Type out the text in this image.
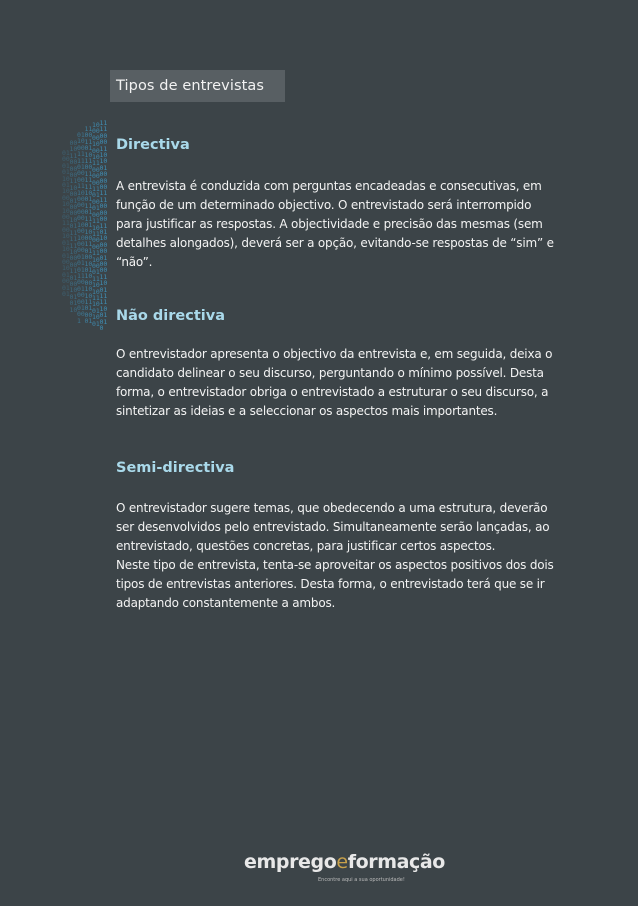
Tipos de entrevistas
0100010110011000101000110010011001001001000101
001011000000111000010000100111111110000011010010010110
01100011110100001110000000001000100000010101110001000001001
11001101101100111111100111011101100011010010011000101011010001
1000001000101100000011010001001110110000111000011110101110011001
11110000111010010000001111000000110110000001000011100111111001010
Directiva

A entrevista é conduzida com perguntas encadeadas e consecutivas, em
função de um determinado objectivo. O entrevistado será interrompido
para justificar as respostas. A objectividade e precisão das mesmas (sem
detalhes alongados), deverá ser a opção, evitando-se respostas de “sim” e
“não”.

Não directiva

O entrevistador apresenta o objectivo da entrevista e, em seguida, deixa o
candidato delinear o seu discurso, perguntando o mínimo possível. Desta
forma, o entrevistador obriga o entrevistado a estruturar o seu discurso, a
sintetizar as ideias e a seleccionar os aspectos mais importantes.

Semi-directiva

O entrevistador sugere temas, que obedecendo a uma estrutura, deverão
ser desenvolvidos pelo entrevistado. Simultaneamente serão lançadas, ao
entrevistado, questões concretas, para justificar certos aspectos.
Neste tipo de entrevista, tenta-se aproveitar os aspectos positivos dos dois
tipos de entrevistas anteriores. Desta forma, o entrevistado terá que se ir
adaptando constantemente a ambos.

empregoeformação
Encontre aqui a sua oportunidade!
